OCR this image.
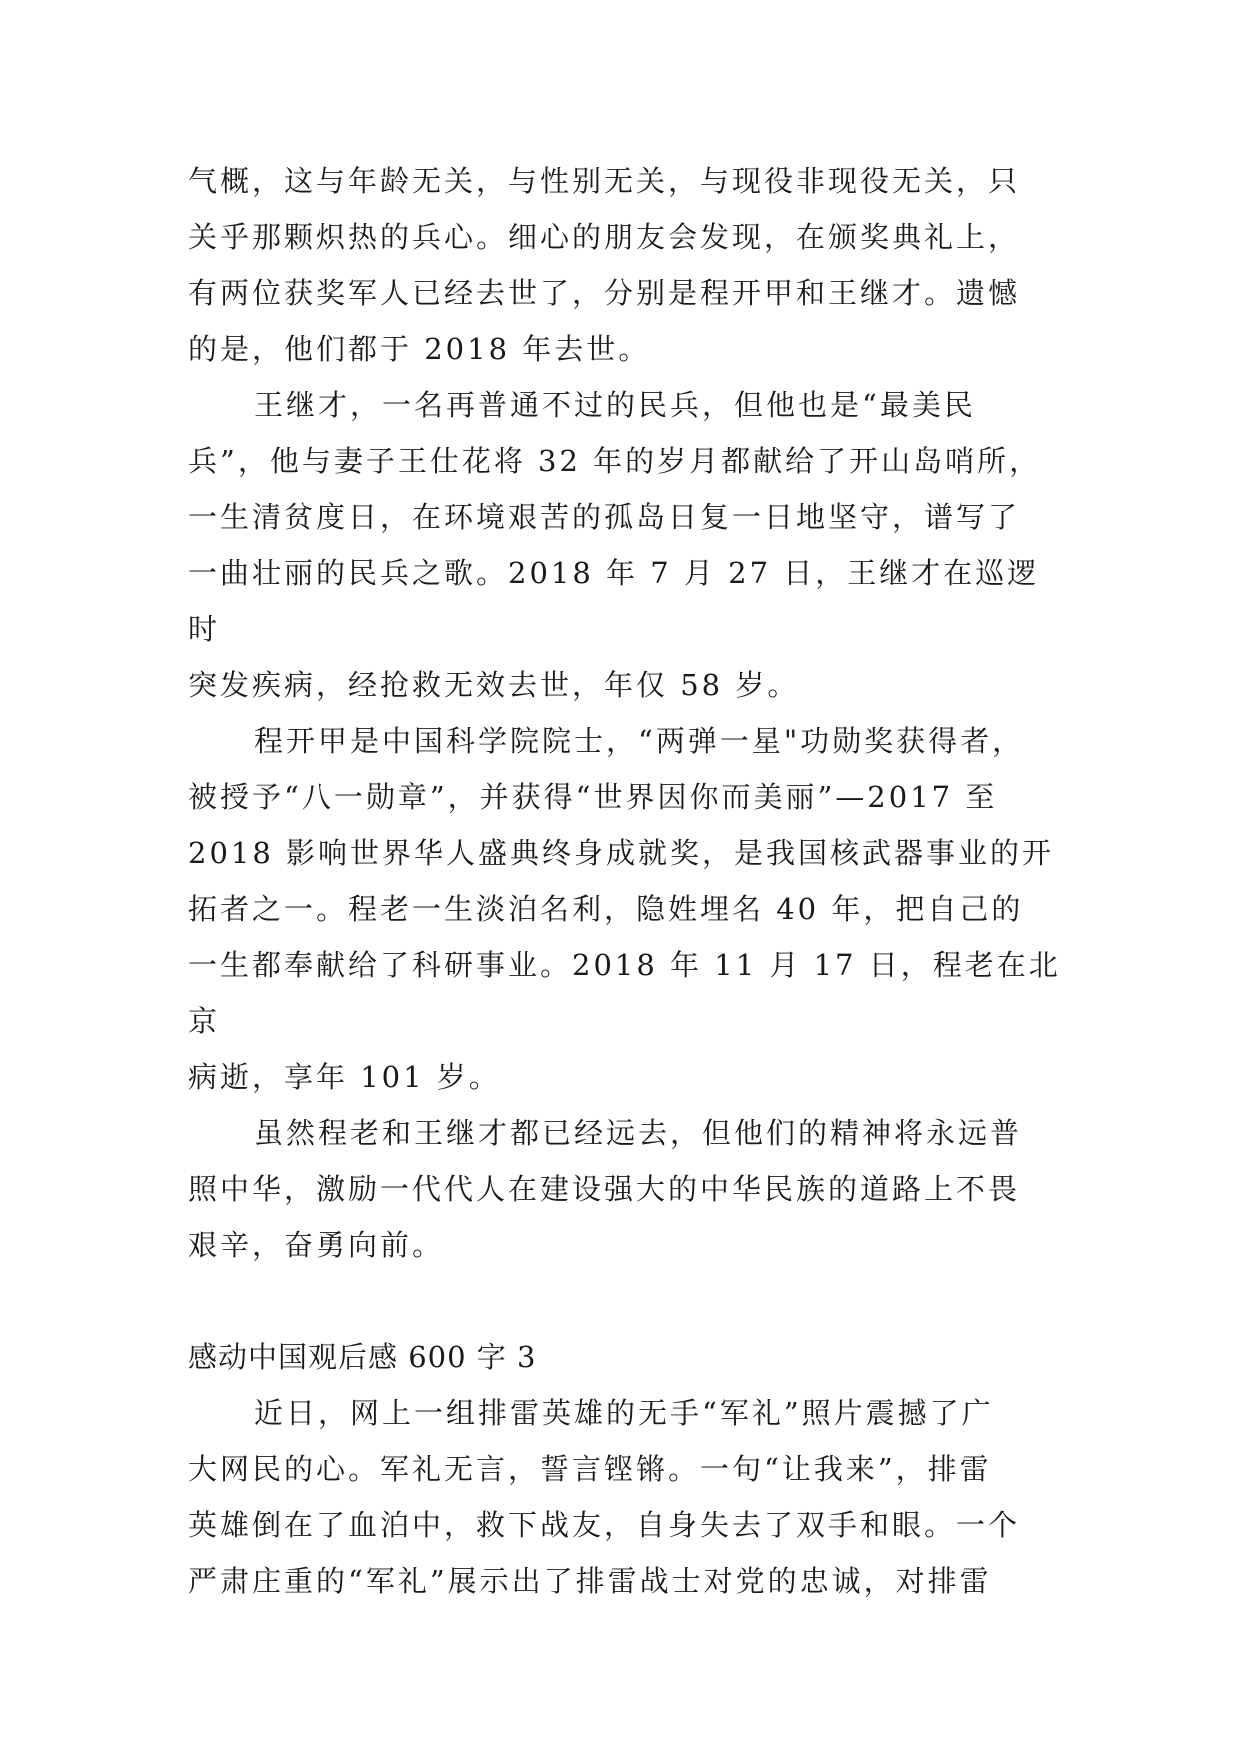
气概，这与年龄无关，与性别无关，与现役非现役无关，只
关乎那颗炽热的兵心。细心的朋友会发现，在颁奖典礼上，
有两位获奖军人已经去世了，分别是程开甲和王继才。遗憾
的是，他们都于 2018 年去世。

王继才，一名再普通不过的民兵，但他也是“最美民
兵”，他与妻子王仕花将 32 年的岁月都献给了开山岛哨所，
一生清贫度日，在环境艰苦的孤岛日复一日地坚守，谱写了
一曲壮丽的民兵之歌。2018 年 7 月 27 日，王继才在巡逻时
突发疾病，经抢救无效去世，年仅 58 岁。

程开甲是中国科学院院士，“两弹一星"功勋奖获得者，
被授予“八一勋章”，并获得“世界因你而美丽”—2017 至
2018 影响世界华人盛典终身成就奖，是我国核武器事业的开
拓者之一。程老一生淡泊名利，隐姓埋名 40 年，把自己的
一生都奉献给了科研事业。2018 年 11 月 17 日，程老在北京
病逝，享年 101 岁。

虽然程老和王继才都已经远去，但他们的精神将永远普
照中华，激励一代代人在建设强大的中华民族的道路上不畏
艰辛，奋勇向前。

感动中国观后感 600 字 3

近日，网上一组排雷英雄的无手“军礼”照片震撼了广
大网民的心。军礼无言，誓言铿锵。一句“让我来”，排雷
英雄倒在了血泊中，救下战友，自身失去了双手和眼。一个
严肃庄重的“军礼”展示出了排雷战士对党的忠诚，对排雷
